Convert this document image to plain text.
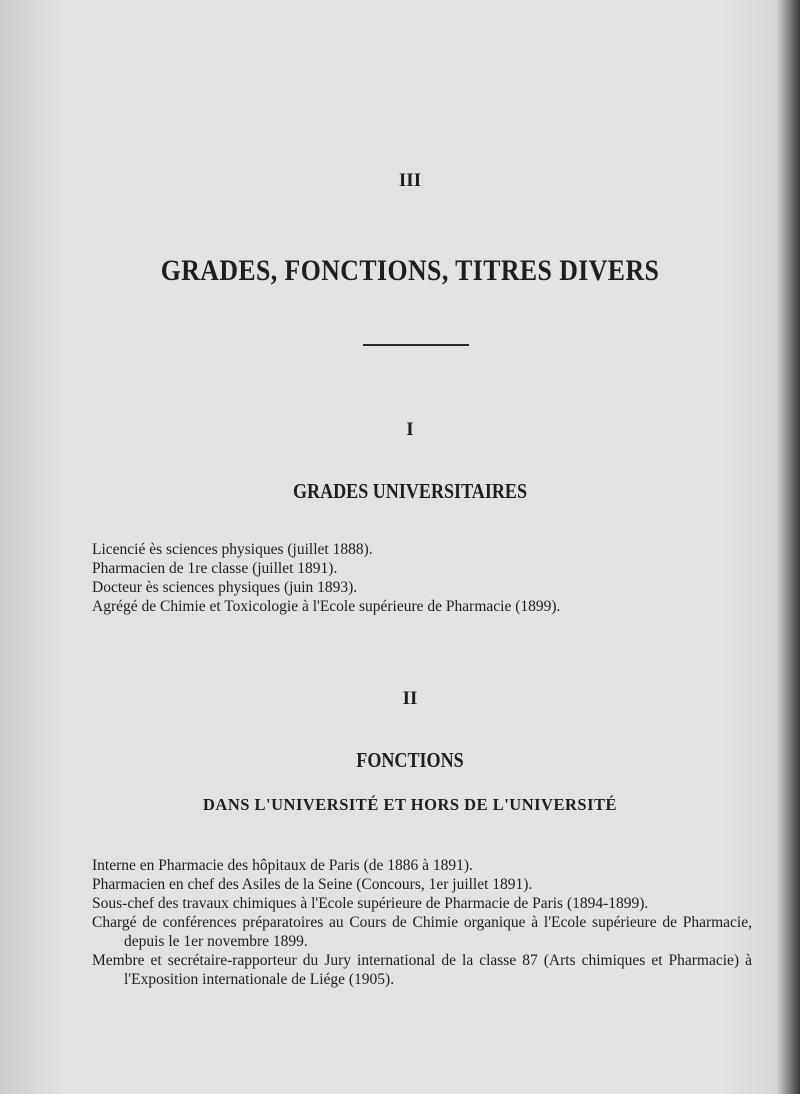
III
GRADES, FONCTIONS, TITRES DIVERS
I
GRADES UNIVERSITAIRES

Licencié ès sciences physiques (juillet 1888).

Pharmacien de 1re classe (juillet 1891).

Docteur ès sciences physiques (juin 1893).

Agrégé de Chimie et Toxicologie à l'Ecole supérieure de Pharmacie (1899).

II
FONCTIONS
DANS L'UNIVERSITÉ ET HORS DE L'UNIVERSITÉ

Interne en Pharmacie des hôpitaux de Paris (de 1886 à 1891).

Pharmacien en chef des Asiles de la Seine (Concours, 1er juillet 1891).

Sous-chef des travaux chimiques à l'Ecole supérieure de Pharmacie de Paris (1894-1899).

Chargé de conférences préparatoires au Cours de Chimie organique à l'Ecole supérieure de Pharmacie, depuis le 1er novembre 1899.

Membre et secrétaire-rapporteur du Jury international de la classe 87 (Arts chimiques et Pharmacie) à l'Exposition internationale de Liége (1905).
